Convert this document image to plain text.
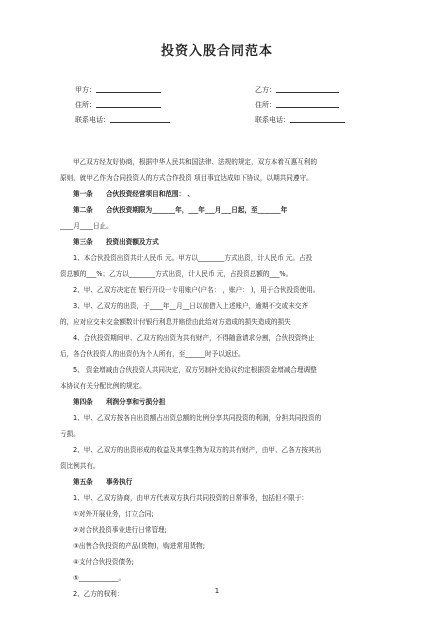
投资入股合同范本
甲方：	乙方：
住所：	住所：
联系电话：	联系电话：
甲乙双方经友好协商，根据中华人民共和国法律、法规的规定，双方本着互惠互利的
原则，就甲乙作为合同投资人的方式合作投资 项目事宜达成如下协议，以期共同遵守。
第一条　　合伙投资经营项目和范围： 、
第二条　　合伙投资期限为_______年，___年___月___日起，至_______年
____月____日止。
第三条　　投资出资额及方式
1、本合伙投资出资共计人民币 元。甲方以________方式出资，计人民币 元。占投
资总额的___%；乙方以________方式出资，计人民币 元，占投资总额的___%。
2、甲、乙双方决定在 银行开设一专用账户(户名： ，账户： )，用于合伙投资使用。
3、甲、乙双方的出资，于____年__月__日以前借入上述账户，逾期不交或未交齐
的，应对应交未交金额数计付银行利息并赔偿由此给对方造成的损失造成的损失
4、合伙投资期间甲、乙双方的出资为共有财产，不得随意请求分割，合伙投资终止
后，各合伙投资人的出资仍为个人所有，至______时予以返还。
5、 资金增减由合伙投资人共同决定，双方另制补充协议约定根据资金增减合理调整
本协议有关分配比例的规定。
第四条　　利润分享和亏损分担
1、甲、乙双方按各自出资额占出资总额的比例分享共同投资的利润，分担共同投资的
亏损。
2、甲、乙双方的出资形成的收益及其孳生物为双方的共有财产，由甲、乙各方按其出
资比例共有。
第五条　　事务执行
1、甲、乙双方协商，由甲方代表双方执行共同投资的日常事务，包括但不限于：
①对外开展业务，订立合同;
②对合伙投资事业进行日常管理;
③出售合伙投资的产品(货物)，购进常用货物;
④支付合伙投资债务;
⑤____________。
2、乙方的权利：	1
